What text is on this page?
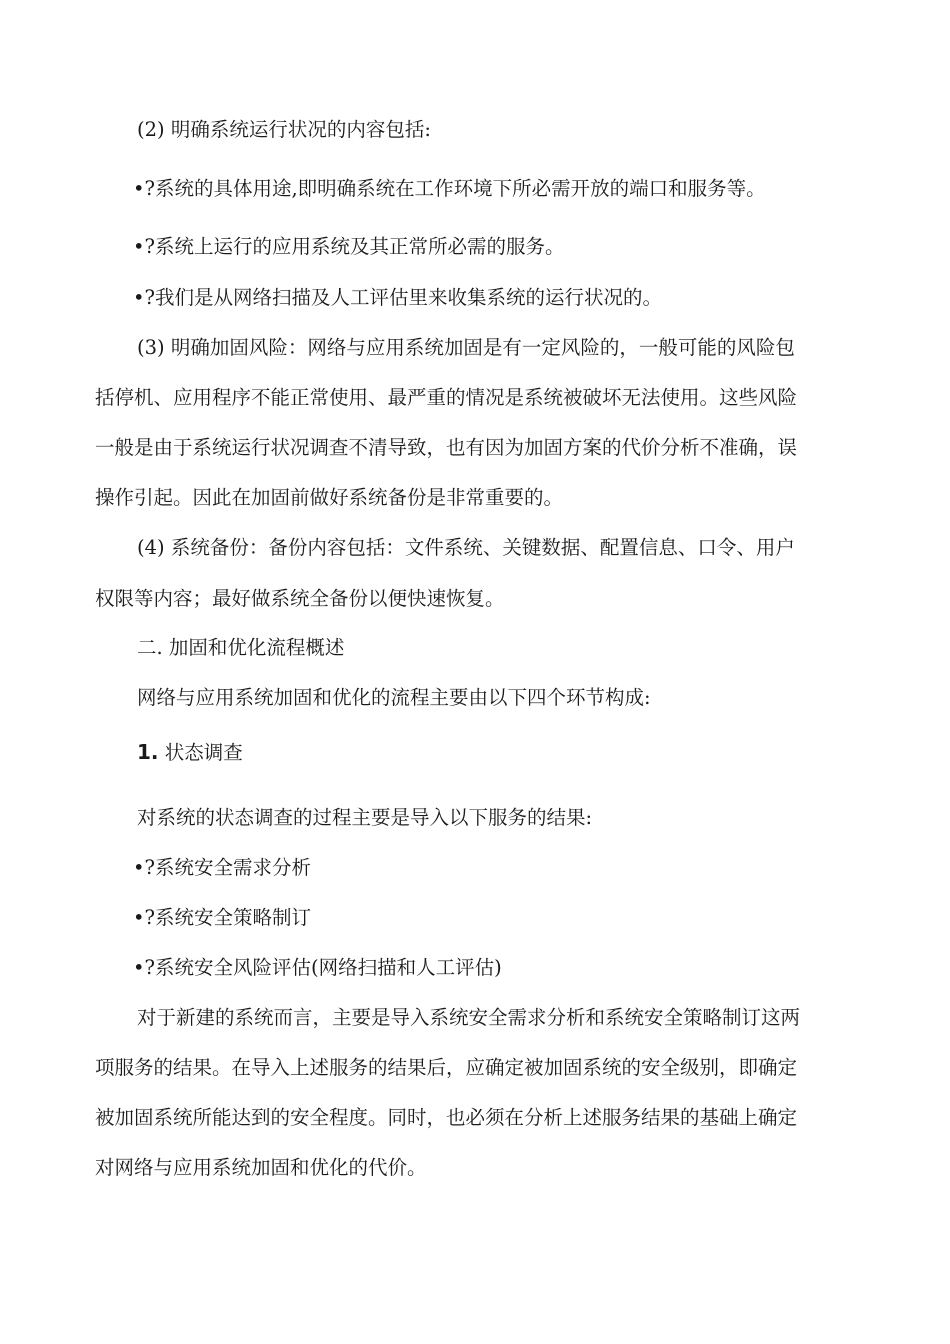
(2) 明确系统运行状况的内容包括:
•?系统的具体用途,即明确系统在工作环境下所必需开放的端口和服务等。
•?系统上运行的应用系统及其正常所必需的服务。
•?我们是从网络扫描及人工评估里来收集系统的运行状况的。
(3) 明确加固风险：网络与应用系统加固是有一定风险的，一般可能的风险包
括停机、应用程序不能正常使用、最严重的情况是系统被破坏无法使用。这些风险
一般是由于系统运行状况调查不清导致，也有因为加固方案的代价分析不准确，误
操作引起。因此在加固前做好系统备份是非常重要的。
(4) 系统备份：备份内容包括：文件系统、关键数据、配置信息、口令、用户
权限等内容；最好做系统全备份以便快速恢复。
二. 加固和优化流程概述
网络与应用系统加固和优化的流程主要由以下四个环节构成:
1. 状态调查
对系统的状态调查的过程主要是导入以下服务的结果:
•?系统安全需求分析
•?系统安全策略制订
•?系统安全风险评估(网络扫描和人工评估)
对于新建的系统而言，主要是导入系统安全需求分析和系统安全策略制订这两
项服务的结果。在导入上述服务的结果后，应确定被加固系统的安全级别，即确定
被加固系统所能达到的安全程度。同时，也必须在分析上述服务结果的基础上确定
对网络与应用系统加固和优化的代价。
